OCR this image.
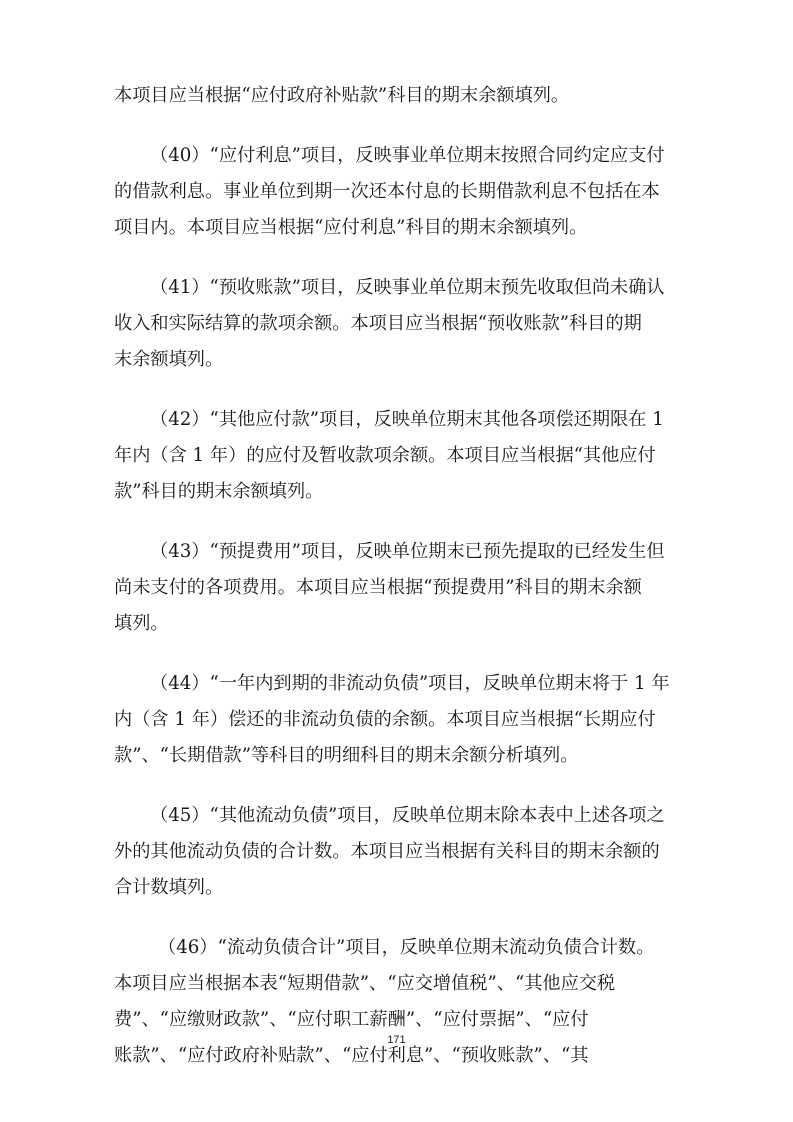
本项目应当根据“应付政府补贴款”科目的期末余额填列。
（40）“应付利息”项目，反映事业单位期末按照合同约定应支付
的借款利息。事业单位到期一次还本付息的长期借款利息不包括在本
项目内。本项目应当根据“应付利息”科目的期末余额填列。
（41）“预收账款”项目，反映事业单位期末预先收取但尚未确认
收入和实际结算的款项余额。本项目应当根据“预收账款”科目的期
末余额填列。
（42）“其他应付款”项目，反映单位期末其他各项偿还期限在 1
年内（含 1 年）的应付及暂收款项余额。本项目应当根据“其他应付
款”科目的期末余额填列。
（43）“预提费用”项目，反映单位期末已预先提取的已经发生但
尚未支付的各项费用。本项目应当根据“预提费用”科目的期末余额
填列。
（44）“一年内到期的非流动负债”项目，反映单位期末将于 1 年
内（含 1 年）偿还的非流动负债的余额。本项目应当根据“长期应付
款”、“长期借款”等科目的明细科目的期末余额分析填列。
（45）“其他流动负债”项目，反映单位期末除本表中上述各项之
外的其他流动负债的合计数。本项目应当根据有关科目的期末余额的
合计数填列。
（46）“流动负债合计”项目，反映单位期末流动负债合计数。
本项目应当根据本表“短期借款”、“应交增值税”、“其他应交税
费”、“应缴财政款”、“应付职工薪酬”、“应付票据”、“应付
账款”、“应付政府补贴款”、“应付利息”、“预收账款”、“其
171
